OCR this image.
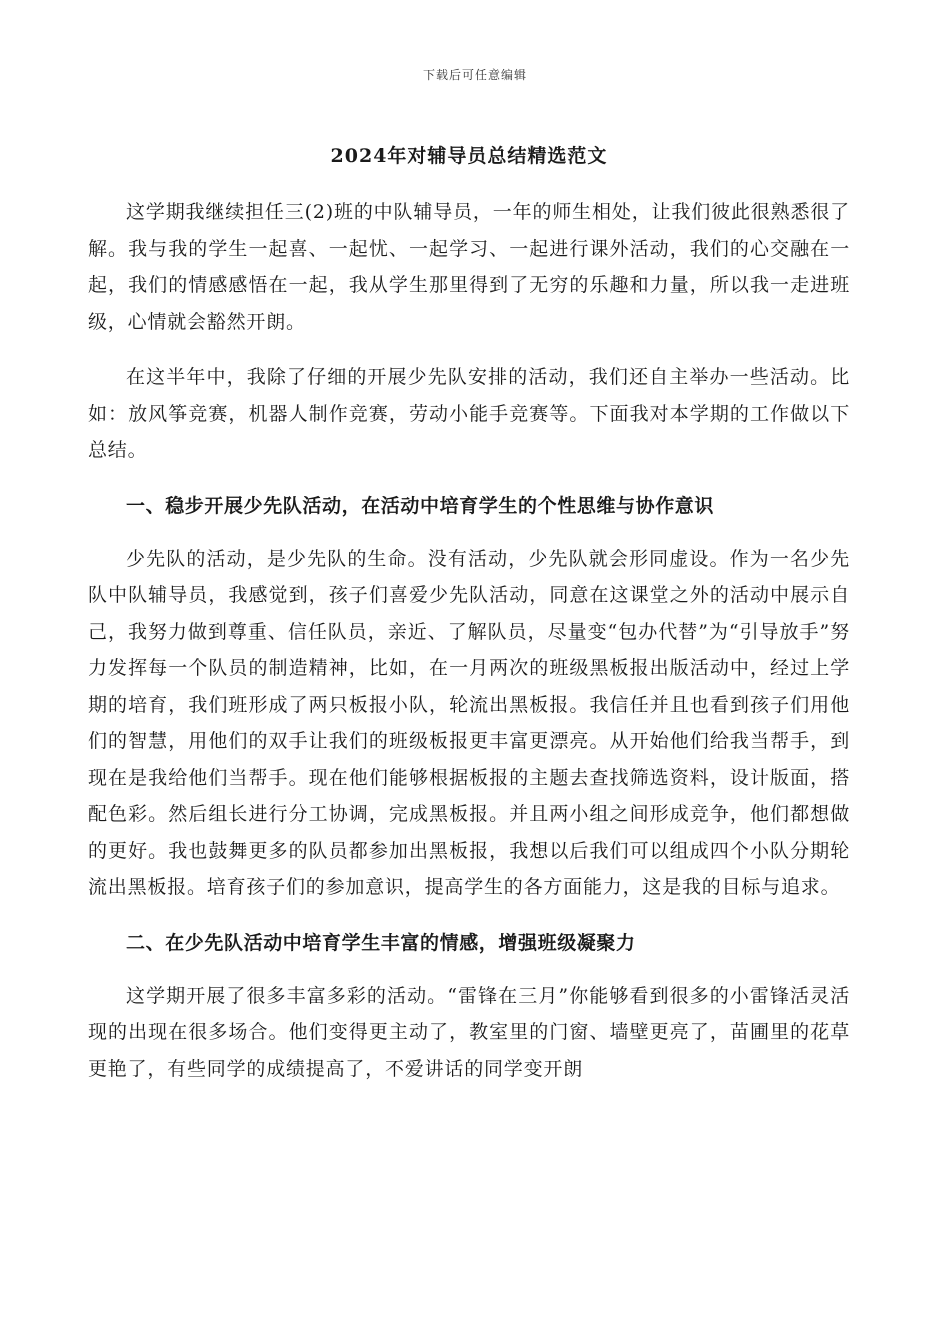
下载后可任意编辑
2024年对辅导员总结精选范文

这学期我继续担任三(2)班的中队辅导员，一年的师生相处，让我们彼此很熟悉很了解。我与我的学生一起喜、一起忧、一起学习、一起进行课外活动，我们的心交融在一起，我们的情感感悟在一起，我从学生那里得到了无穷的乐趣和力量，所以我一走进班级，心情就会豁然开朗。

在这半年中，我除了仔细的开展少先队安排的活动，我们还自主举办一些活动。比如：放风筝竞赛，机器人制作竞赛，劳动小能手竞赛等。下面我对本学期的工作做以下总结。

一、稳步开展少先队活动，在活动中培育学生的个性思维与协作意识

少先队的活动，是少先队的生命。没有活动，少先队就会形同虚设。作为一名少先队中队辅导员，我感觉到，孩子们喜爱少先队活动，同意在这课堂之外的活动中展示自己，我努力做到尊重、信任队员，亲近、了解队员，尽量变“包办代替”为“引导放手”努力发挥每一个队员的制造精神，比如，在一月两次的班级黑板报出版活动中，经过上学期的培育，我们班形成了两只板报小队，轮流出黑板报。我信任并且也看到孩子们用他们的智慧，用他们的双手让我们的班级板报更丰富更漂亮。从开始他们给我当帮手，到现在是我给他们当帮手。现在他们能够根据板报的主题去查找筛选资料，设计版面，搭配色彩。然后组长进行分工协调，完成黑板报。并且两小组之间形成竞争，他们都想做的更好。我也鼓舞更多的队员都参加出黑板报，我想以后我们可以组成四个小队分期轮流出黑板报。培育孩子们的参加意识，提高学生的各方面能力，这是我的目标与追求。

二、在少先队活动中培育学生丰富的情感，增强班级凝聚力

这学期开展了很多丰富多彩的活动。“雷锋在三月”你能够看到很多的小雷锋活灵活现的出现在很多场合。他们变得更主动了，教室里的门窗、墙壁更亮了，苗圃里的花草更艳了，有些同学的成绩提高了，不爱讲话的同学变开朗
